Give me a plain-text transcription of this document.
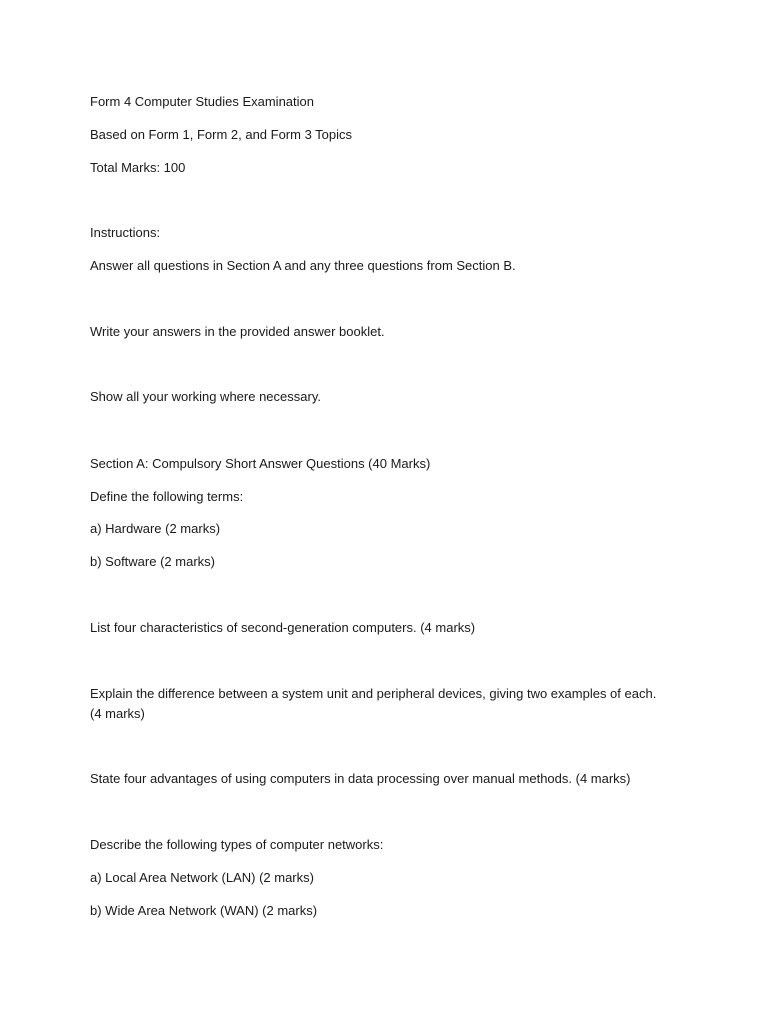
Form 4 Computer Studies Examination

Based on Form 1, Form 2, and Form 3 Topics

Total Marks: 100

Instructions:

Answer all questions in Section A and any three questions from Section B.

Write your answers in the provided answer booklet.

Show all your working where necessary.

Section A: Compulsory Short Answer Questions (40 Marks)

Define the following terms:

a) Hardware (2 marks)

b) Software (2 marks)

List four characteristics of second-generation computers. (4 marks)

Explain the difference between a system unit and peripheral devices, giving two examples of each. (4 marks)

State four advantages of using computers in data processing over manual methods. (4 marks)

Describe the following types of computer networks:

a) Local Area Network (LAN) (2 marks)

b) Wide Area Network (WAN) (2 marks)
